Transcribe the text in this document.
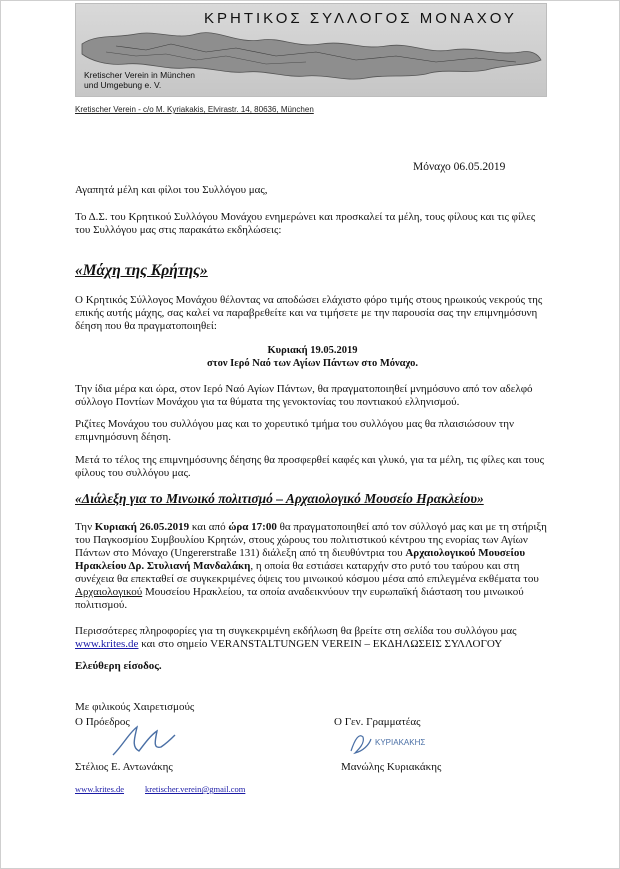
ΚΡΗΤΙΚΟΣ ΣΥΛΛΟΓΟΣ ΜΟΝΑΧΟΥ
Kretischer Verein in München
und Umgebung e. V.
Kretischer Verein - c/o M. Kyriakakis, Elvirastr. 14, 80636, München
Μόναχο 06.05.2019
Αγαπητά μέλη και φίλοι του Συλλόγου μας,
Το Δ.Σ. του Κρητικού Συλλόγου Μονάχου ενημερώνει και προσκαλεί τα μέλη, τους φίλους και τις φίλες του Συλλόγου μας στις παρακάτω εκδηλώσεις:
«Μάχη της Κρήτης»
Ο Κρητικός Σύλλογος Μονάχου θέλοντας να αποδώσει ελάχιστο φόρο τιμής στους ηρωικούς νεκρούς της επικής αυτής μάχης, σας καλεί να παραβρεθείτε και να τιμήσετε με την παρουσία σας την επιμνημόσυνη δέηση που θα πραγματοποιηθεί:
Κυριακή 19.05.2019
στον Ιερό Ναό των Αγίων Πάντων στο Μόναχο.
Την ίδια μέρα και ώρα, στον Ιερό Ναό Αγίων Πάντων, θα πραγματοποιηθεί μνημόσυνο από τον αδελφό σύλλογο Ποντίων Μονάχου για τα θύματα της γενοκτονίας του ποντιακού ελληνισμού.
Ριζίτες Μονάχου του συλλόγου μας και το χορευτικό τμήμα του συλλόγου μας θα πλαισιώσουν την επιμνημόσυνη δέηση.
Μετά το τέλος της επιμνημόσυνης δέησης θα προσφερθεί καφές και γλυκό, για τα μέλη, τις φίλες και τους φίλους του συλλόγου μας.
«Διάλεξη για το Μινωικό πολιτισμό – Αρχαιολογικό Μουσείο Ηρακλείου»
Την Κυριακή 26.05.2019 και από ώρα 17:00 θα πραγματοποιηθεί από τον σύλλογό μας και με τη στήριξη του Παγκοσμίου Συμβουλίου Κρητών, στους χώρους του πολιτιστικού κέντρου της ενορίας των Αγίων Πάντων στο Μόναχο (Ungererstraße 131) διάλεξη από τη διευθύντρια του Αρχαιολογικού Μουσείου Ηρακλείου Δρ. Στυλιανή Μανδαλάκη, η οποία θα εστιάσει καταρχήν στο ρυτό του ταύρου και στη συνέχεια θα επεκταθεί σε συγκεκριμένες όψεις του μινωικού κόσμου μέσα από επιλεγμένα εκθέματα του Αρχαιολογικού Μουσείου Ηρακλείου, τα οποία αναδεικνύουν την ευρωπαϊκή διάσταση του μινωικού πολιτισμού.
Περισσότερες πληροφορίες για τη συγκεκριμένη εκδήλωση θα βρείτε στη σελίδα του συλλόγου μας www.krites.de και στο σημείο VERANSTALTUNGEN VEREIN – ΕΚΔΗΛΩΣΕΙΣ ΣΥΛΛΟΓΟΥ
Ελεύθερη είσοδος.
Με φιλικούς Χαιρετισμούς
Ο Πρόεδρος	Ο Γεν. Γραμματέας
ΚΥΡΙΑΚΑΚΗΣ
Στέλιος Ε. Αντωνάκης	Μανώλης Κυριακάκης
www.krites.de kretischer.verein@gmail.com
